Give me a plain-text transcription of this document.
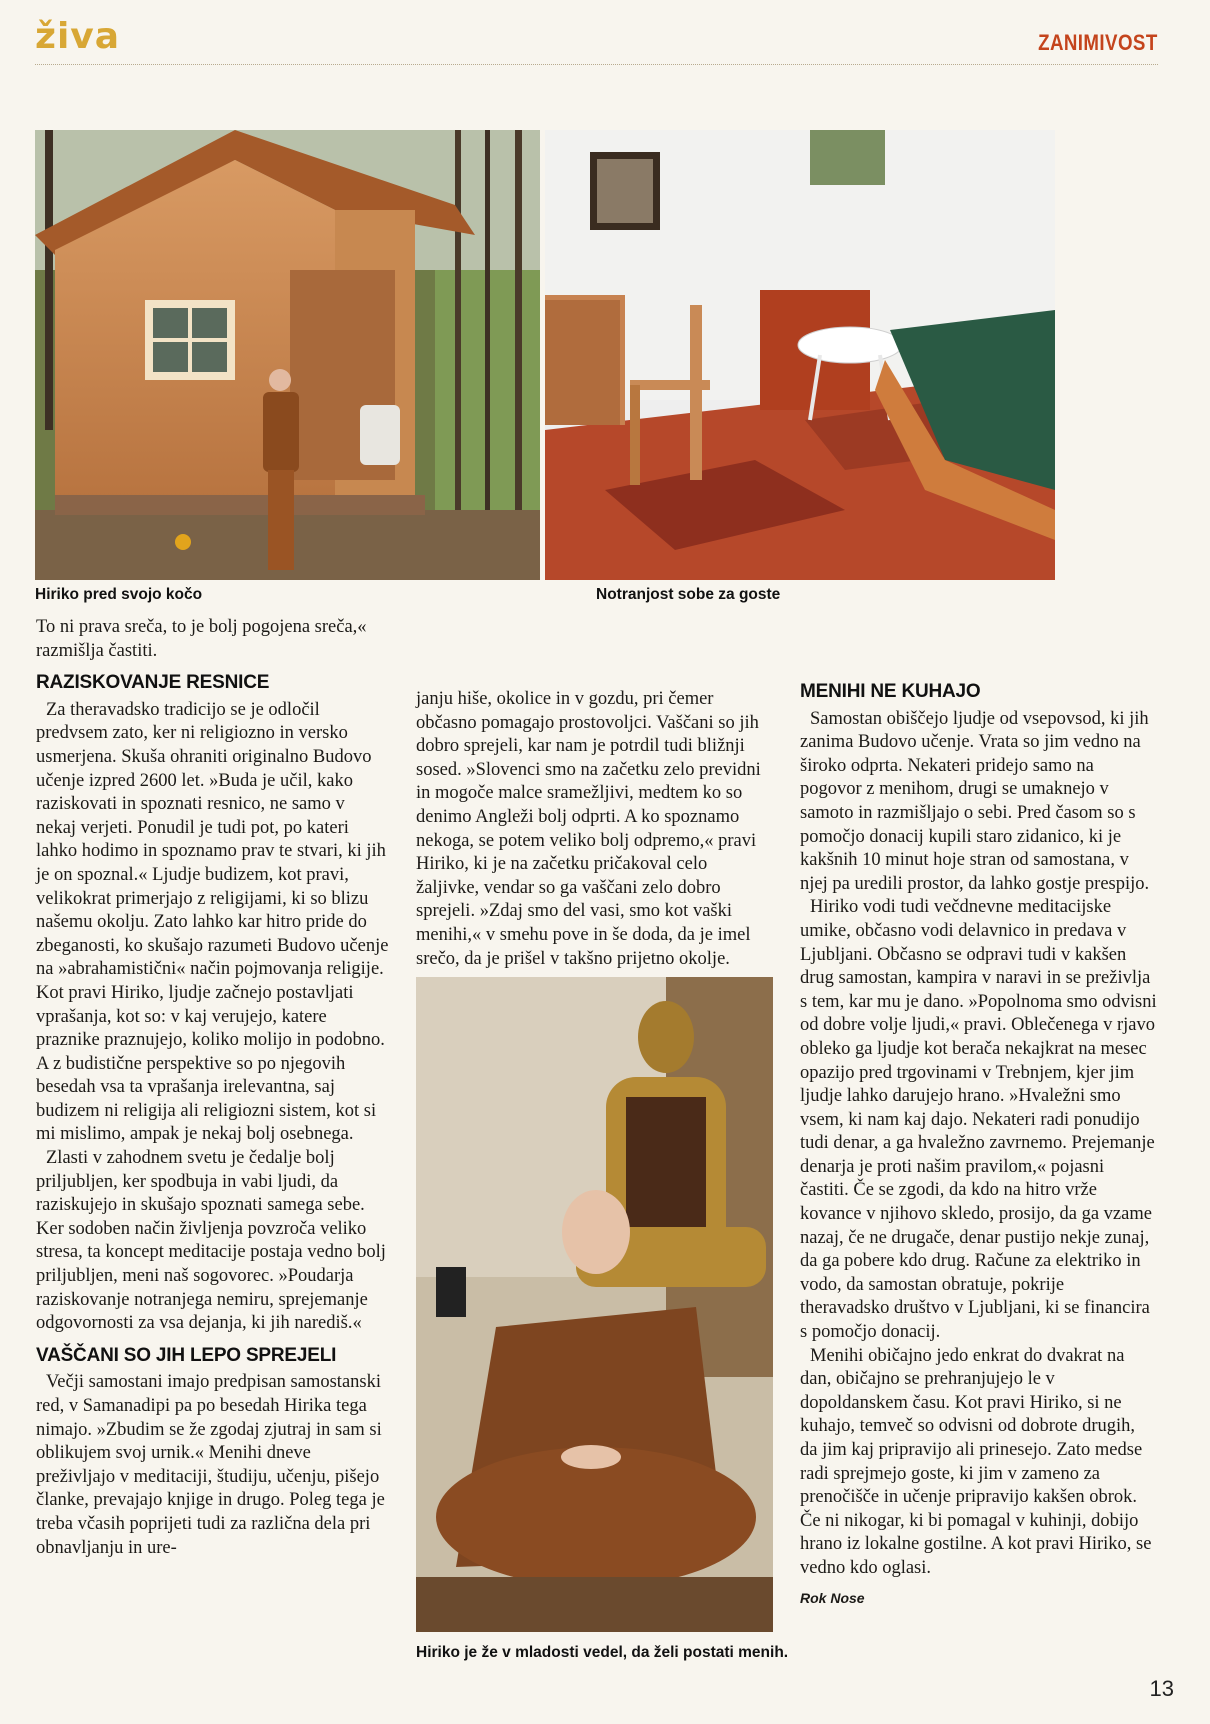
živa	ZANIMIVOST
Hiriko pred svojo kočo	Notranjost sobe za goste

To ni prava sreča, to je bolj pogojena sreča,« razmišlja častiti.

RAZISKOVANJE RESNICE

Za theravadsko tradicijo se je odločil predvsem zato, ker ni religiozno in versko usmerjena. Skuša ohraniti originalno Budovo učenje izpred 2600 let. »Buda je učil, kako raziskovati in spoznati resnico, ne samo v nekaj verjeti. Ponudil je tudi pot, po kateri lahko hodimo in spoznamo prav te stvari, ki jih je on spoznal.« Ljudje budizem, kot pravi, velikokrat primerjajo z religijami, ki so blizu našemu okolju. Zato lahko kar hitro pride do zbeganosti, ko skušajo razumeti Budovo učenje na »abrahamistični« način pojmovanja religije. Kot pravi Hiriko, ljudje začnejo postavljati vprašanja, kot so: v kaj verujejo, katere praznike praznujejo, koliko molijo in podobno. A z budistične perspektive so po njegovih besedah vsa ta vprašanja irelevantna, saj budizem ni religija ali religiozni sistem, kot si mi mislimo, ampak je nekaj bolj osebnega.

Zlasti v zahodnem svetu je čedalje bolj priljubljen, ker spodbuja in vabi ljudi, da raziskujejo in skušajo spoznati samega sebe. Ker sodoben način življenja povzroča veliko stresa, ta koncept meditacije postaja vedno bolj priljubljen, meni naš sogovorec. »Poudarja raziskovanje notranjega nemiru, sprejemanje odgovornosti za vsa dejanja, ki jih narediš.«

VAŠČANI SO JIH LEPO SPREJELI

Večji samostani imajo predpisan samostanski red, v Samanadipi pa po besedah Hirika tega nimajo. »Zbudim se že zgodaj zjutraj in sam si oblikujem svoj urnik.« Menihi dneve preživljajo v meditaciji, študiju, učenju, pišejo članke, prevajajo knjige in drugo. Poleg tega je treba včasih poprijeti tudi za različna dela pri obnavljanju in ure-

janju hiše, okolice in v gozdu, pri čemer občasno pomagajo prostovoljci. Vaščani so jih dobro sprejeli, kar nam je potrdil tudi bližnji sosed. »Slovenci smo na začetku zelo previdni in mogoče malce sramežljivi, medtem ko so denimo Angleži bolj odprti. A ko spoznamo nekoga, se potem veliko bolj odpremo,« pravi Hiriko, ki je na začetku pričakoval celo žaljivke, vendar so ga vaščani zelo dobro sprejeli. »Zdaj smo del vasi, smo kot vaški menihi,« v smehu pove in še doda, da je imel srečo, da je prišel v takšno prijetno okolje.

Hiriko je že v mladosti vedel, da želi postati menih.
MENIHI NE KUHAJO

Samostan obiščejo ljudje od vsepovsod, ki jih zanima Budovo učenje. Vrata so jim vedno na široko odprta. Nekateri pridejo samo na pogovor z menihom, drugi se umaknejo v samoto in razmišljajo o sebi. Pred časom so s pomočjo donacij kupili staro zidanico, ki je kakšnih 10 minut hoje stran od samostana, v njej pa uredili prostor, da lahko gostje prespijo.

Hiriko vodi tudi večdnevne meditacijske umike, občasno vodi delavnico in predava v Ljubljani. Občasno se odpravi tudi v kakšen drug samostan, kampira v naravi in se preživlja s tem, kar mu je dano. »Popolnoma smo odvisni od dobre volje ljudi,« pravi. Oblečenega v rjavo obleko ga ljudje kot berača nekajkrat na mesec opazijo pred trgovinami v Trebnjem, kjer jim ljudje lahko darujejo hrano. »Hvaležni smo vsem, ki nam kaj dajo. Nekateri radi ponudijo tudi denar, a ga hvaležno zavrnemo. Prejemanje denarja je proti našim pravilom,« pojasni častiti. Če se zgodi, da kdo na hitro vrže kovance v njihovo skledo, prosijo, da ga vzame nazaj, če ne drugače, denar pustijo nekje zunaj, da ga pobere kdo drug. Račune za elektriko in vodo, da samostan obratuje, pokrije theravadsko društvo v Ljubljani, ki se financira s pomočjo donacij.

Menihi običajno jedo enkrat do dvakrat na dan, običajno se prehranjujejo le v dopoldanskem času. Kot pravi Hiriko, si ne kuhajo, temveč so odvisni od dobrote drugih, da jim kaj pripravijo ali prinesejo. Zato medse radi sprejmejo goste, ki jim v zameno za prenočišče in učenje pripravijo kakšen obrok. Če ni nikogar, ki bi pomagal v kuhinji, dobijo hrano iz lokalne gostilne. A kot pravi Hiriko, se vedno kdo oglasi.

Rok Nose
13
